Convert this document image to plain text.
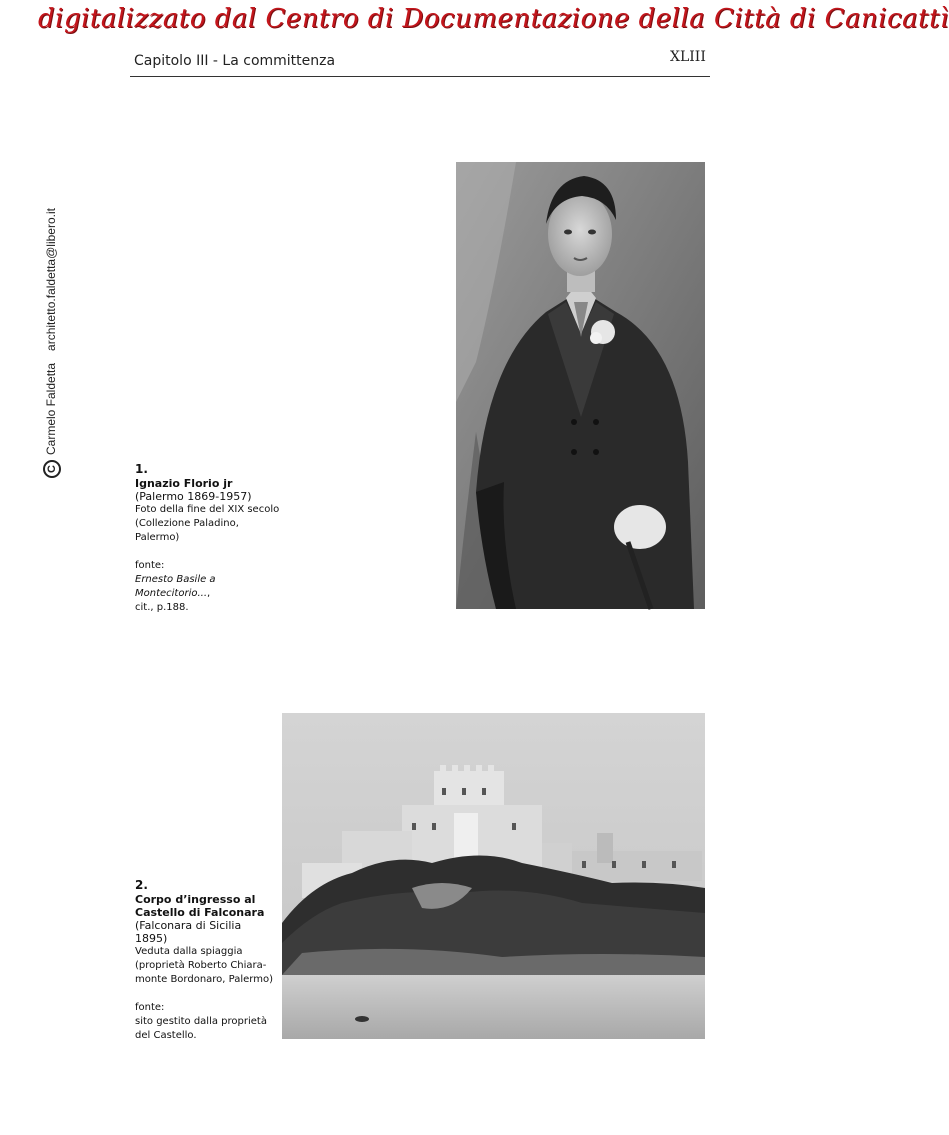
digitalizzato dal Centro di Documentazione della Città di Canicattì
Capitolo III - La committenza	XLIII
CCarmelo Faldettaarchitetto.faldetta@libero.it
1.
Ignazio Florio jr
(Palermo 1869-1957)
Foto della fine del XIX secolo
(Collezione Paladino,
Palermo)
fonte:
Ernesto Basile a
Montecitorio...,
cit., p.188.
2.
Corpo d’ingresso al
Castello di Falconara
(Falconara di Sicilia
1895)
Veduta dalla spiaggia
(proprietà Roberto Chiara-
monte Bordonaro, Palermo)
fonte:
sito gestito dalla proprietà
del Castello.
